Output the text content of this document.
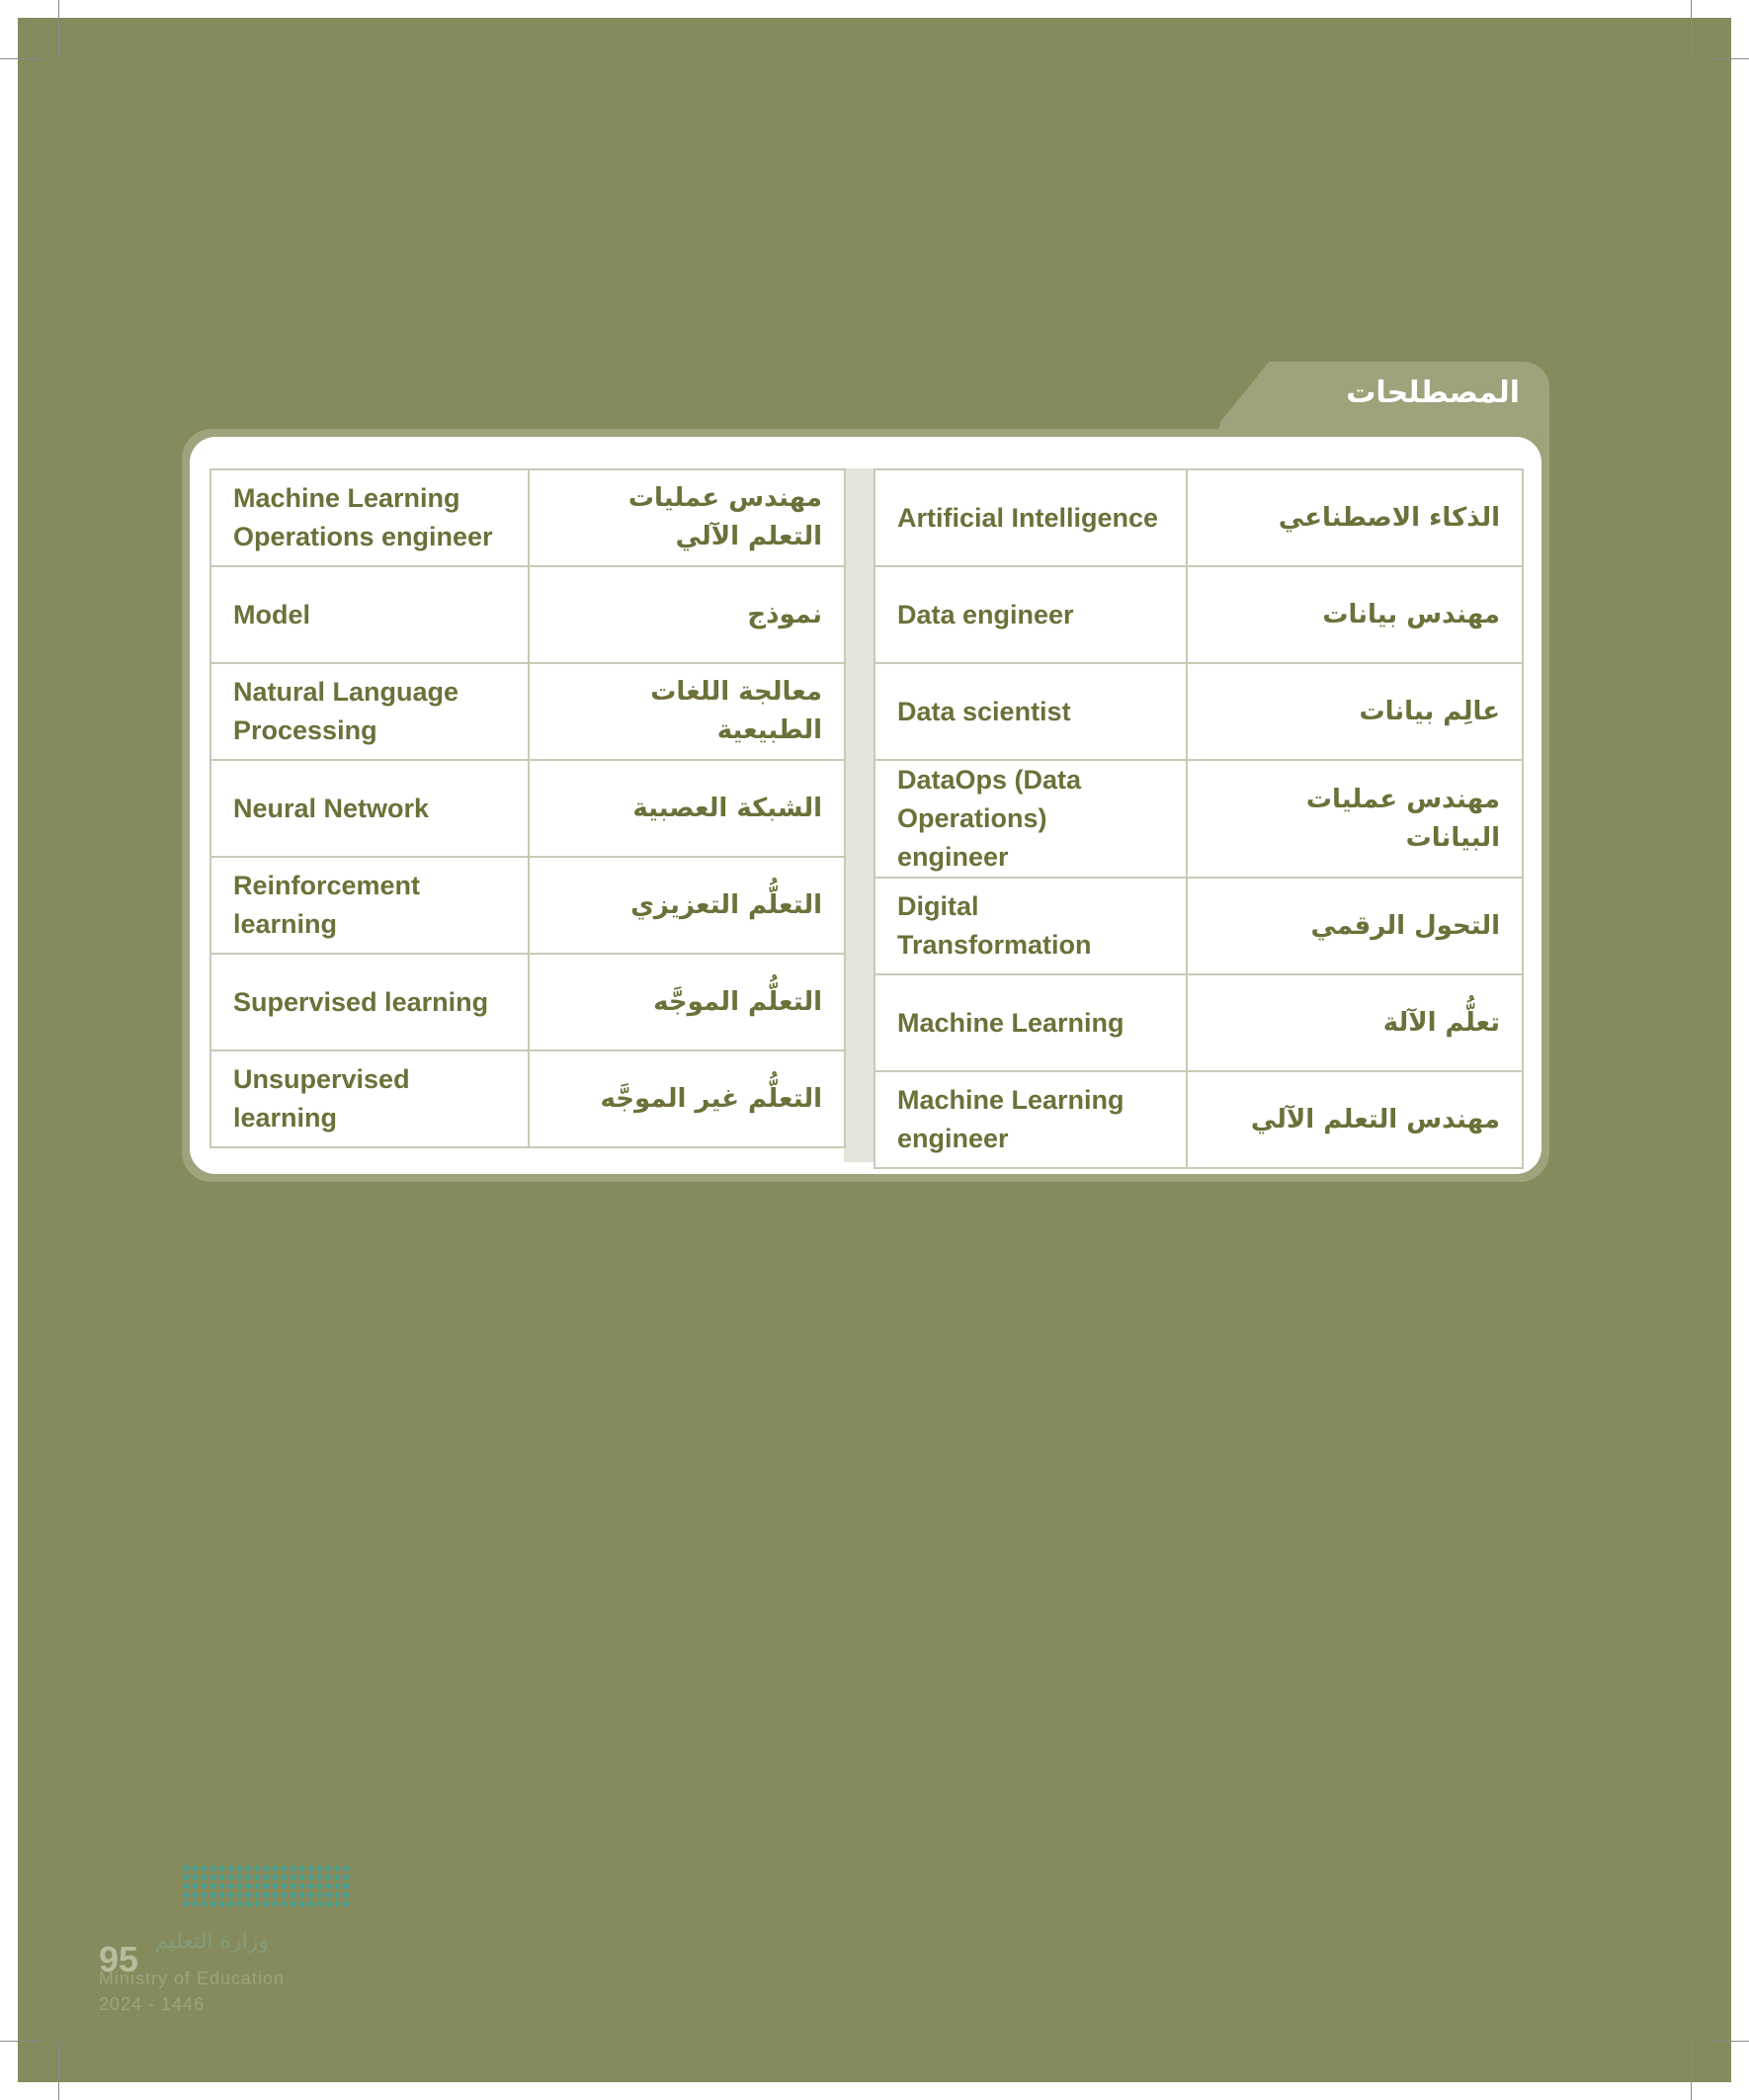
المصطلحات
Machine Learning Operations engineer	مهندس عمليات التعلم الآلي
Model	نموذج
Natural Language Processing	معالجة اللغات الطبيعية
Neural Network	الشبكة العصبية
Reinforcement learning	التعلُّم التعزيزي
Supervised learning	التعلُّم الموجَّه
Unsupervised learning	التعلُّم غير الموجَّه
Artificial Intelligence	الذكاء الاصطناعي
Data engineer	مهندس بيانات
Data scientist	عالِم بيانات
DataOps (Data Operations) engineer	مهندس عمليات البيانات
Digital Transformation	التحول الرقمي
Machine Learning	تعلُّم الآلة
Machine Learning engineer	مهندس التعلم الآلي
وزارة التعليم
95
Ministry of Education
2024 - 1446
